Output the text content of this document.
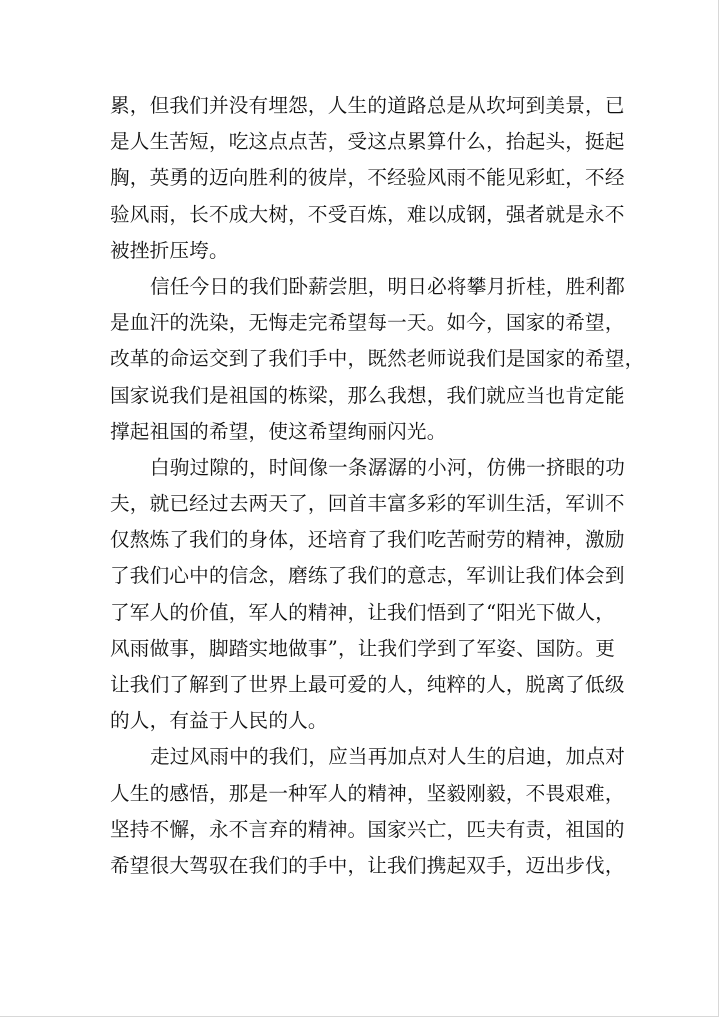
累，但我们并没有埋怨，人生的道路总是从坎坷到美景，已
是人生苦短，吃这点点苦，受这点累算什么，抬起头，挺起
胸，英勇的迈向胜利的彼岸，不经验风雨不能见彩虹，不经
验风雨，长不成大树，不受百炼，难以成钢，强者就是永不
被挫折压垮。
信任今日的我们卧薪尝胆，明日必将攀月折桂，胜利都
是血汗的洗染，无悔走完希望每一天。如今，国家的希望，
改革的命运交到了我们手中，既然老师说我们是国家的希望，
国家说我们是祖国的栋梁，那么我想，我们就应当也肯定能
撑起祖国的希望，使这希望绚丽闪光。
白驹过隙的，时间像一条潺潺的小河，仿佛一挤眼的功
夫，就已经过去两天了，回首丰富多彩的军训生活，军训不
仅熬炼了我们的身体，还培育了我们吃苦耐劳的精神，激励
了我们心中的信念，磨练了我们的意志，军训让我们体会到
了军人的价值，军人的精神，让我们悟到了“阳光下做人，
风雨做事，脚踏实地做事”，让我们学到了军姿、国防。更
让我们了解到了世界上最可爱的人，纯粹的人，脱离了低级
的人，有益于人民的人。
走过风雨中的我们，应当再加点对人生的启迪，加点对
人生的感悟，那是一种军人的精神，坚毅刚毅，不畏艰难，
坚持不懈，永不言弃的精神。国家兴亡，匹夫有责，祖国的
希望很大驾驭在我们的手中，让我们携起双手，迈出步伐，
